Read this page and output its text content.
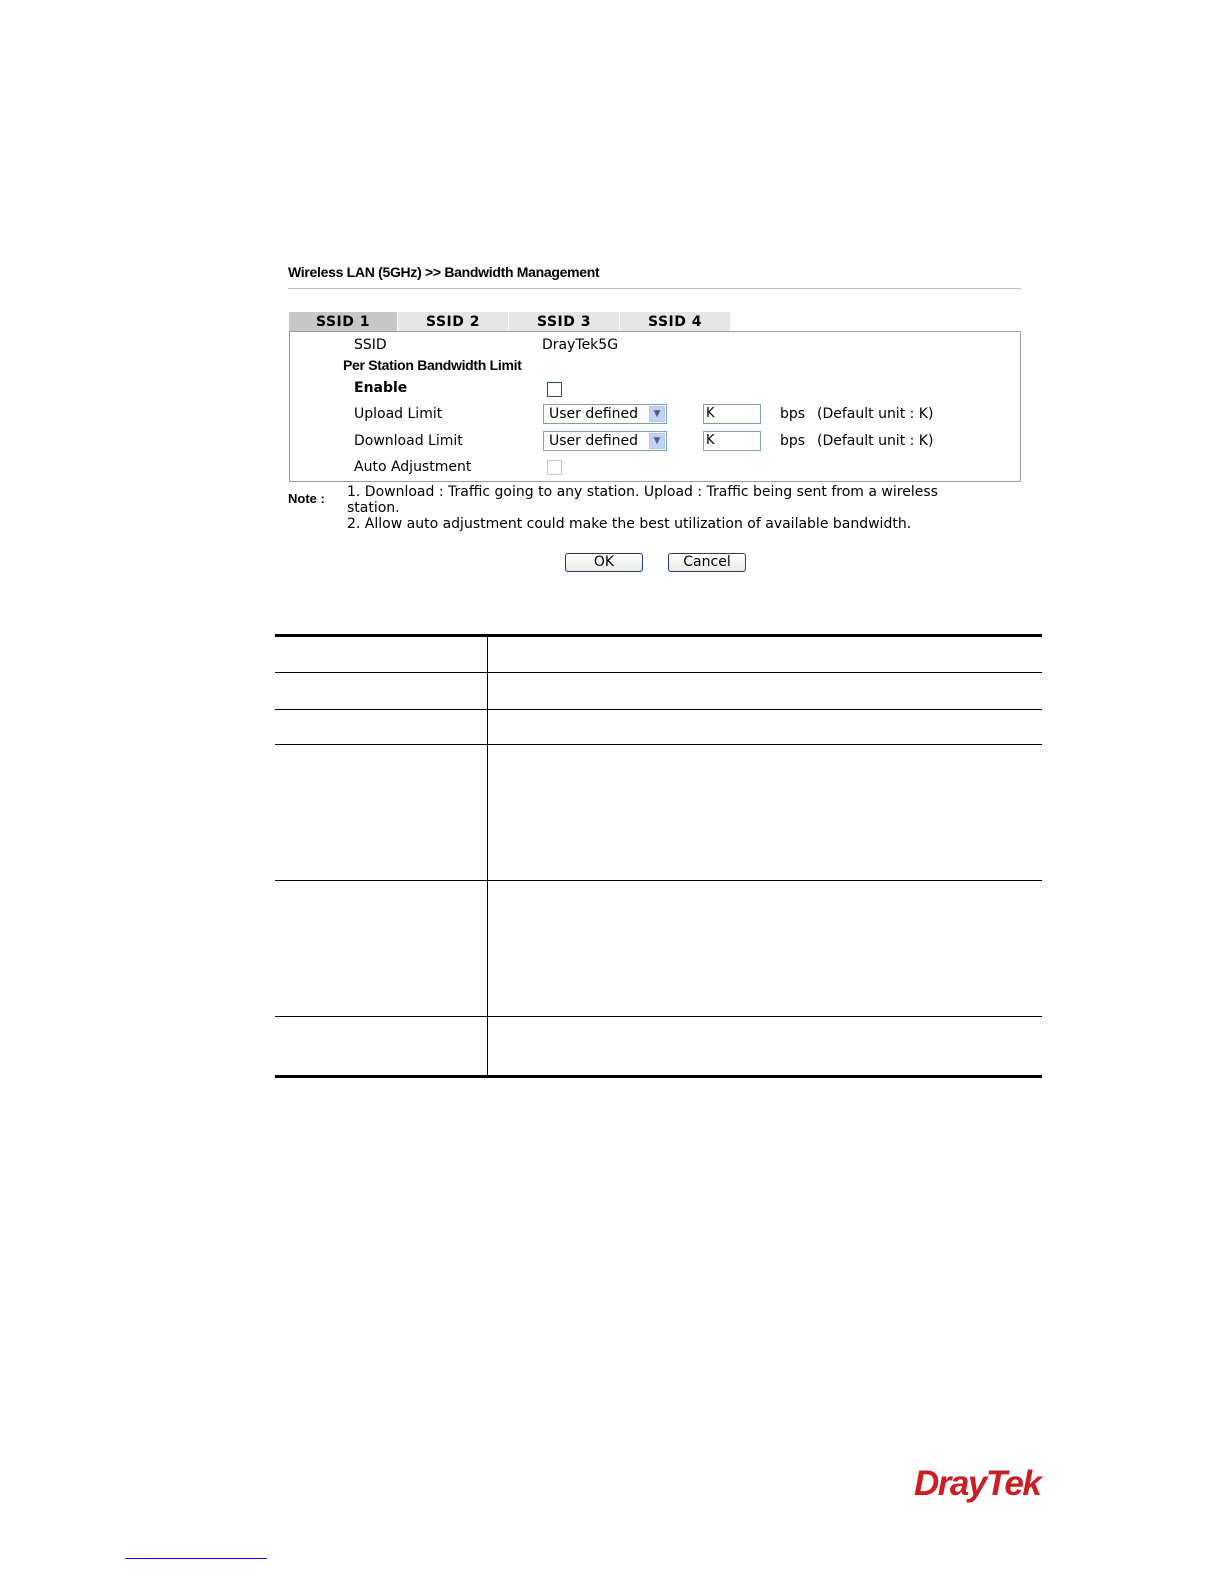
Wireless LAN (5GHz) >> Bandwidth Management
SSID 1	SSID 2	SSID 3	SSID 4
SSID	DrayTek5G
Per Station Bandwidth Limit
Enable
Upload Limit	User defined	▼	K	bps (Default unit : K)
Download Limit	User defined	▼	K	bps (Default unit : K)
Auto Adjustment
Note : 1. Download : Traffic going to any station. Upload : Traffic being sent from a wireless
station.
2. Allow auto adjustment could make the best utilization of available bandwidth.
OK	Cancel
DrayTek
